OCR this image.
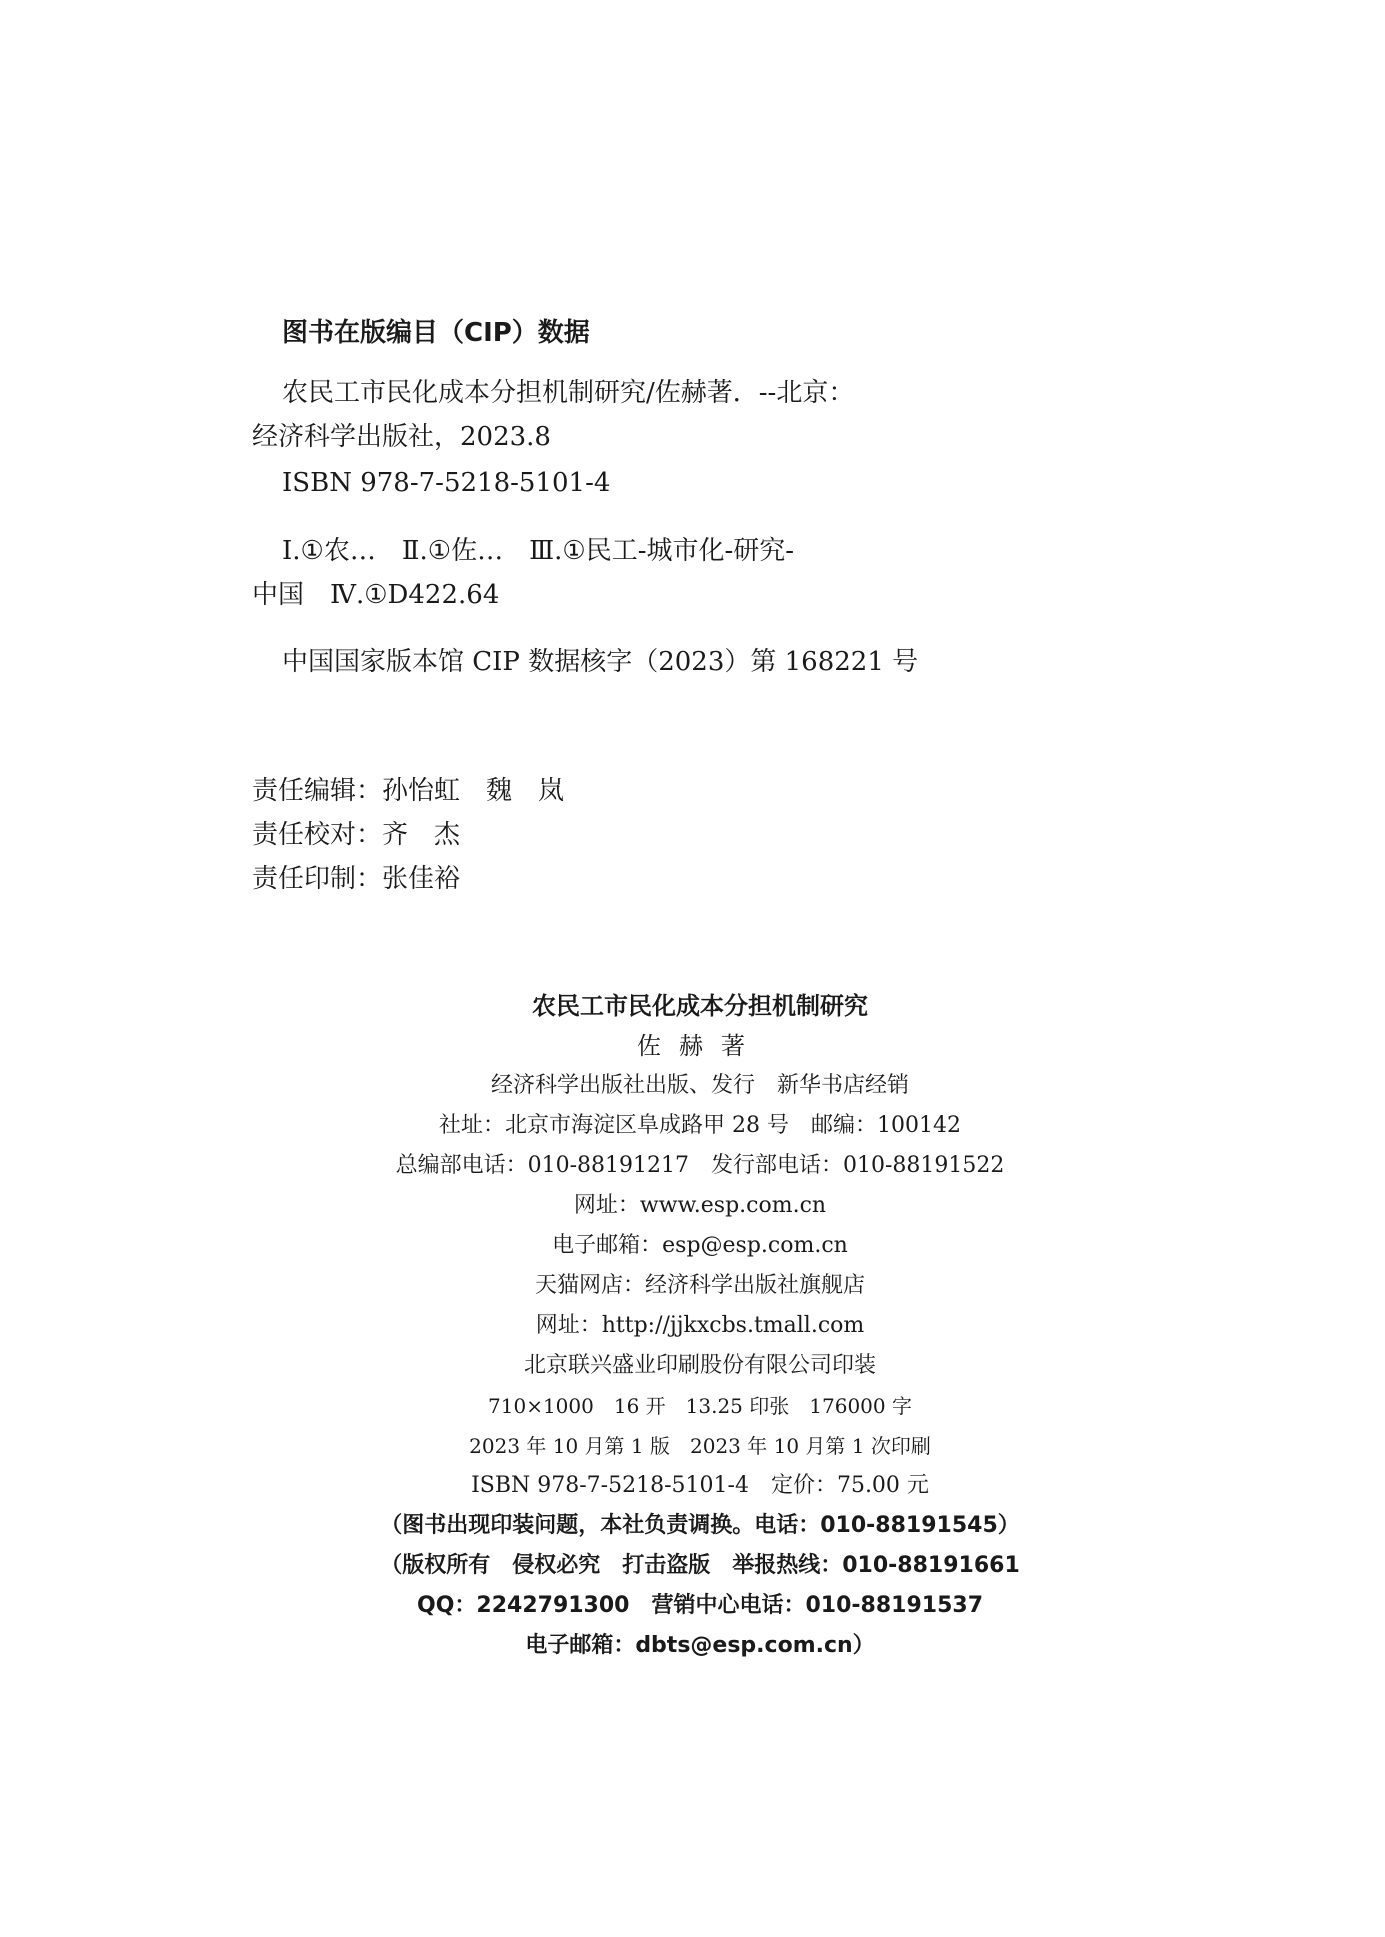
图书在版编目（CIP）数据
农民工市民化成本分担机制研究/佐赫著．--北京：
经济科学出版社，2023.8
ISBN 978-7-5218-5101-4
Ⅰ.①农…　Ⅱ.①佐…　Ⅲ.①民工-城市化-研究-
中国　Ⅳ.①D422.64
中国国家版本馆 CIP 数据核字（2023）第 168221 号
责任编辑：孙怡虹　魏　岚
责任校对：齐　杰
责任印制：张佳裕
农民工市民化成本分担机制研究
佐赫著
经济科学出版社出版、发行　新华书店经销
社址：北京市海淀区阜成路甲 28 号　邮编：100142
总编部电话：010-88191217　发行部电话：010-88191522
网址：www.esp.com.cn
电子邮箱：esp@esp.com.cn
天猫网店：经济科学出版社旗舰店
网址：http://jjkxcbs.tmall.com
北京联兴盛业印刷股份有限公司印装
710×1000　16 开　13.25 印张　176000 字
2023 年 10 月第 1 版　2023 年 10 月第 1 次印刷
ISBN 978-7-5218-5101-4　定价：75.00 元
（图书出现印装问题，本社负责调换。电话：010-88191545）
（版权所有　侵权必究　打击盗版　举报热线：010-88191661
QQ：2242791300　营销中心电话：010-88191537
电子邮箱：dbts@esp.com.cn）
